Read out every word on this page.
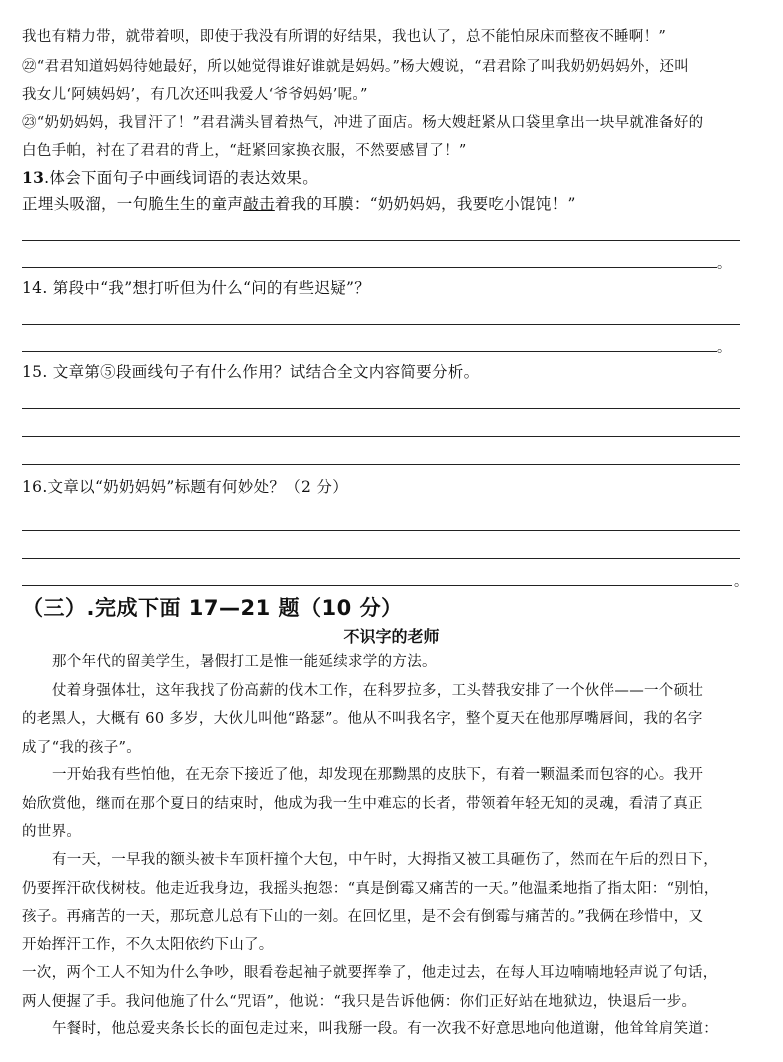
我也有精力带，就带着呗，即使于我没有所谓的好结果，我也认了，总不能怕尿床而整夜不睡啊！”
㉒“君君知道妈妈待她最好，所以她觉得谁好谁就是妈妈。”杨大嫂说，“君君除了叫我奶奶妈妈外，还叫
我女儿‘阿姨妈妈’，有几次还叫我爱人‘爷爷妈妈’呢。”
㉓“奶奶妈妈，我冒汗了！”君君满头冒着热气，冲进了面店。杨大嫂赶紧从口袋里拿出一块早就准备好的
白色手帕，衬在了君君的背上，“赶紧回家换衣服，不然要感冒了！”
13.体会下面句子中画线词语的表达效果。
正埋头吸溜，一句脆生生的童声敲击着我的耳膜：“奶奶妈妈，我要吃小馄饨！”
。
14. 第段中“我”想打听但为什么“问的有些迟疑”？
。
15. 文章第⑤段画线句子有什么作用？试结合全文内容简要分析。
16.文章以“奶奶妈妈”标题有何妙处？（2 分）
。
（三）.完成下面 17—21 题（10 分）
不识字的老师
那个年代的留美学生，暑假打工是惟一能延续求学的方法。
仗着身强体壮，这年我找了份高薪的伐木工作，在科罗拉多，工头替我安排了一个伙伴——一个硕壮
的老黑人，大概有 60 多岁，大伙儿叫他“路瑟”。他从不叫我名字，整个夏天在他那厚嘴唇间，我的名字
成了“我的孩子”。
一开始我有些怕他，在无奈下接近了他，却发现在那黝黑的皮肤下，有着一颗温柔而包容的心。我开
始欣赏他，继而在那个夏日的结束时，他成为我一生中难忘的长者，带领着年轻无知的灵魂，看清了真正
的世界。
有一天，一早我的额头被卡车顶杆撞个大包，中午时，大拇指又被工具砸伤了，然而在午后的烈日下，
仍要挥汗砍伐树枝。他走近我身边，我摇头抱怨：“真是倒霉又痛苦的一天。”他温柔地指了指太阳：“别怕，
孩子。再痛苦的一天，那玩意儿总有下山的一刻。在回忆里，是不会有倒霉与痛苦的。”我俩在珍惜中，又
开始挥汗工作，不久太阳依约下山了。
一次，两个工人不知为什么争吵，眼看卷起袖子就要挥拳了，他走过去，在每人耳边喃喃地轻声说了句话，
两人便握了手。我问他施了什么“咒语”，他说：“我只是告诉他俩：你们正好站在地狱边，快退后一步。
午餐时，他总爱夹条长长的面包走过来，叫我掰一段。有一次我不好意思地向他道谢，他耸耸肩笑道：
